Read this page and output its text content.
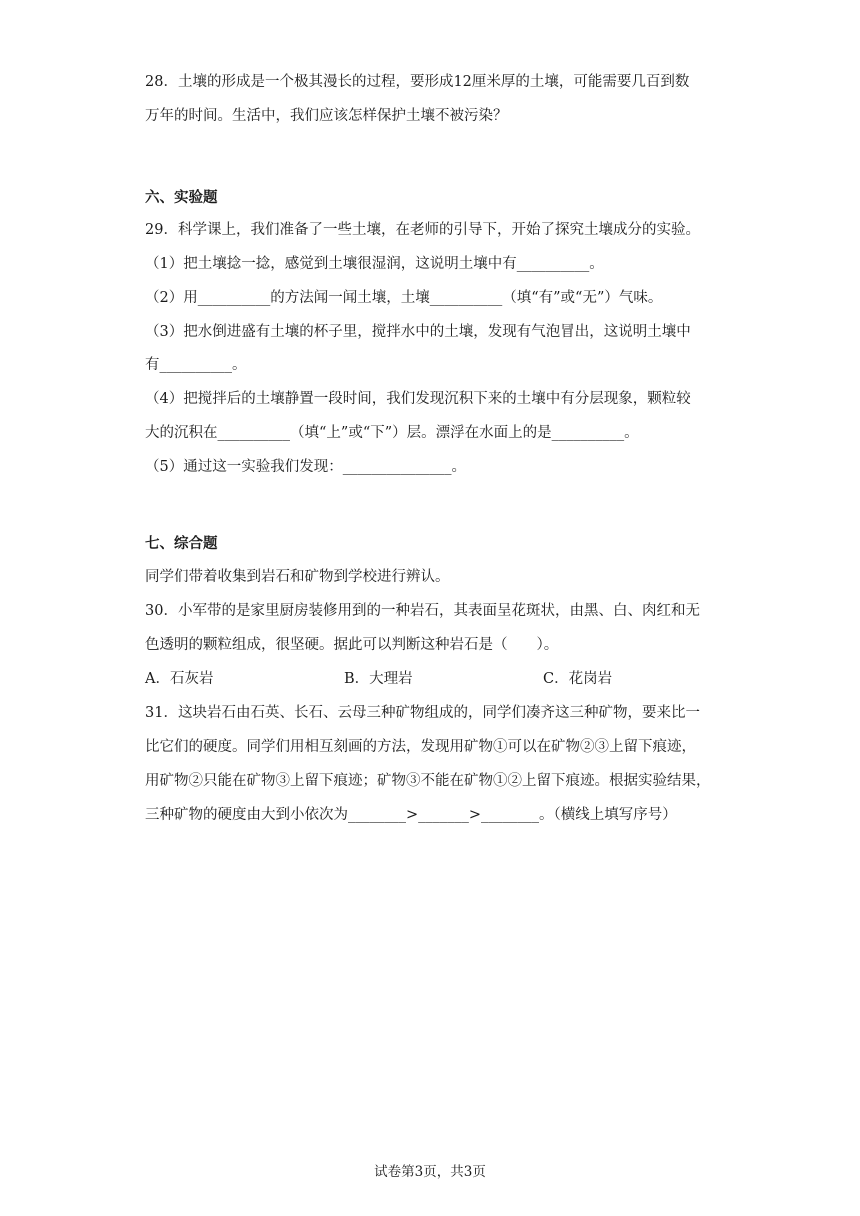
28．土壤的形成是一个极其漫长的过程，要形成12厘米厚的土壤，可能需要几百到数
万年的时间。生活中，我们应该怎样保护土壤不被污染？
六、实验题
29．科学课上，我们准备了一些土壤，在老师的引导下，开始了探究土壤成分的实验。
（1）把土壤捻一捻，感觉到土壤很湿润，这说明土壤中有__________。
（2）用__________的方法闻一闻土壤，土壤__________（填“有”或“无”）气味。
（3）把水倒进盛有土壤的杯子里，搅拌水中的土壤，发现有气泡冒出，这说明土壤中
有__________。
（4）把搅拌后的土壤静置一段时间，我们发现沉积下来的土壤中有分层现象，颗粒较
大的沉积在__________（填“上”或“下”）层。漂浮在水面上的是__________。
（5）通过这一实验我们发现：_______________。
七、综合题
同学们带着收集到岩石和矿物到学校进行辨认。
30．小军带的是家里厨房装修用到的一种岩石，其表面呈花斑状，由黑、白、肉红和无
色透明的颗粒组成，很坚硬。据此可以判断这种岩石是（　　）。
A．石灰岩	B．大理岩	C．花岗岩
31．这块岩石由石英、长石、云母三种矿物组成的，同学们凑齐这三种矿物，要来比一
比它们的硬度。同学们用相互刻画的方法，发现用矿物①可以在矿物②③上留下痕迹，
用矿物②只能在矿物③上留下痕迹；矿物③不能在矿物①②上留下痕迹。根据实验结果，
三种矿物的硬度由大到小依次为________>_______>________。（横线上填写序号）
试卷第3页，共3页
